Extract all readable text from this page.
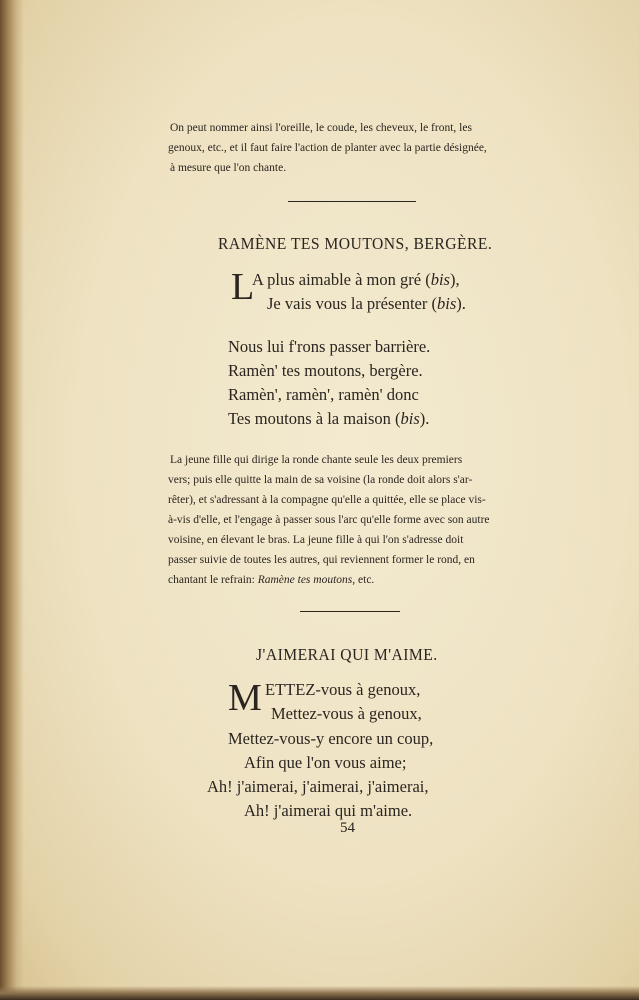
On peut nommer ainsi l'oreille, le coude, les cheveux, le front, les
genoux, etc., et il faut faire l'action de planter avec la partie désignée,
à mesure que l'on chante.
RAMÈNE TES MOUTONS, BERGÈRE.
L
A plus aimable à mon gré (bis),
Je vais vous la présenter (bis).
Nous lui f'rons passer barrière.
Ramèn' tes moutons, bergère.
Ramèn', ramèn', ramèn' donc
Tes moutons à la maison (bis).
La jeune fille qui dirige la ronde chante seule les deux premiers
vers; puis elle quitte la main de sa voisine (la ronde doit alors s'ar-
rêter), et s'adressant à la compagne qu'elle a quittée, elle se place vis-
à-vis d'elle, et l'engage à passer sous l'arc qu'elle forme avec son autre
voisine, en élevant le bras. La jeune fille à qui l'on s'adresse doit
passer suivie de toutes les autres, qui reviennent former le rond, en
chantant le refrain: Ramène tes moutons, etc.
J'AIMERAI QUI M'AIME.
M ETTEZ-vous à genoux,
Mettez-vous à genoux,
Mettez-vous-y encore un coup,
Afin que l'on vous aime;
Ah! j'aimerai, j'aimerai, j'aimerai,
Ah! j'aimerai qui m'aime.
54
